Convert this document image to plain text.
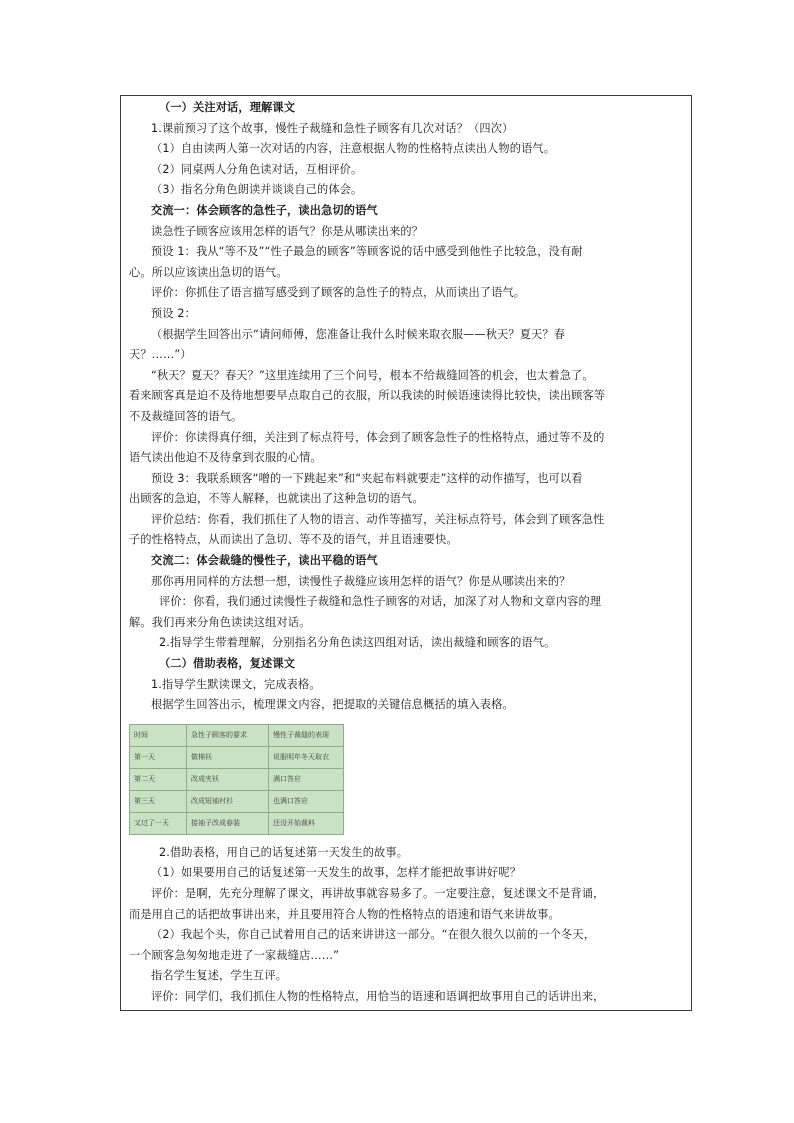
（一）关注对话，理解课文
1.课前预习了这个故事，慢性子裁缝和急性子顾客有几次对话？（四次）
（1）自由读两人第一次对话的内容，注意根据人物的性格特点读出人物的语气。
（2）同桌两人分角色读对话，互相评价。
（3）指名分角色朗读并谈谈自己的体会。
交流一：体会顾客的急性子，读出急切的语气
读急性子顾客应该用怎样的语气？你是从哪读出来的？
预设 1：我从“等不及”“性子最急的顾客”等顾客说的话中感受到他性子比较急，没有耐
心。所以应该读出急切的语气。
评价：你抓住了语言描写感受到了顾客的急性子的特点，从而读出了语气。
预设 2：
（根据学生回答出示“请问师傅，您准备让我什么时候来取衣服——秋天？夏天？春
天？……”）
“秋天？夏天？春天？”这里连续用了三个问号，根本不给裁缝回答的机会，也太着急了。
看来顾客真是迫不及待地想要早点取自己的衣服，所以我读的时候语速读得比较快，读出顾客等
不及裁缝回答的语气。
评价：你读得真仔细，关注到了标点符号，体会到了顾客急性子的性格特点，通过等不及的
语气读出他迫不及待拿到衣服的心情。
预设 3：我联系顾客“噌的一下跳起来”和“夹起布料就要走”这样的动作描写，也可以看
出顾客的急迫，不等人解释，也就读出了这种急切的语气。
评价总结：你看，我们抓住了人物的语言、动作等描写，关注标点符号，体会到了顾客急性
子的性格特点，从而读出了急切、等不及的语气，并且语速要快。
交流二：体会裁缝的慢性子，读出平稳的语气
那你再用同样的方法想一想，读慢性子裁缝应该用怎样的语气？你是从哪读出来的？
评价：你看，我们通过读慢性子裁缝和急性子顾客的对话，加深了对人物和文章内容的理
解。我们再来分角色读读这组对话。
2.指导学生带着理解，分别指名分角色读这四组对话，读出裁缝和顾客的语气。
（二）借助表格，复述课文
1.指导学生默读课文，完成表格。
根据学生回答出示，梳理课文内容，把提取的关键信息概括的填入表格。
时间	急性子顾客的要求	慢性子裁缝的表现
第一天	做棉袄	说服明年冬天取衣
第二天	改成夹袄	满口答应
第三天	改成短袖衬衫	也满口答应
又过了一天	接袖子改成春装	还没开始裁料
2.借助表格，用自己的话复述第一天发生的故事。
（1）如果要用自己的话复述第一天发生的故事，怎样才能把故事讲好呢？
评价：是啊，先充分理解了课文，再讲故事就容易多了。一定要注意，复述课文不是背诵，
而是用自己的话把故事讲出来，并且要用符合人物的性格特点的语速和语气来讲故事。
（2）我起个头，你自己试着用自己的话来讲讲这一部分。“在很久很久以前的一个冬天，
一个顾客急匆匆地走进了一家裁缝店……”
指名学生复述，学生互评。
评价：同学们，我们抓住人物的性格特点，用恰当的语速和语调把故事用自己的话讲出来，
